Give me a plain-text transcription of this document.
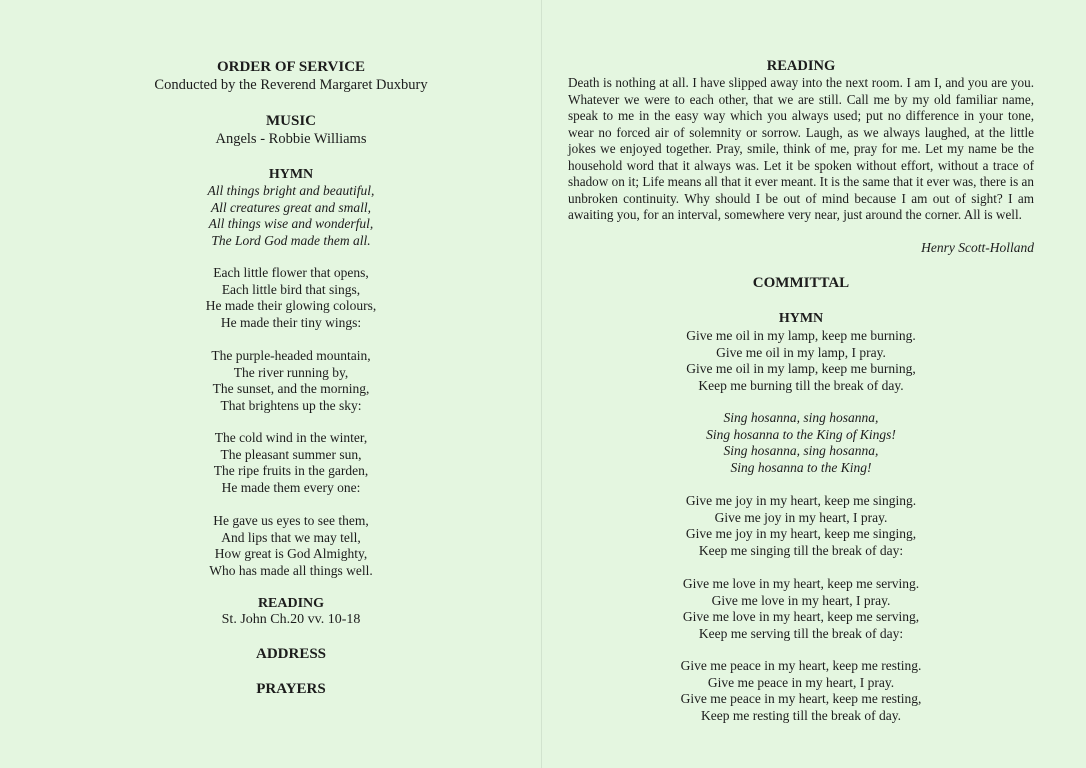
ORDER OF SERVICE
Conducted by the Reverend Margaret Duxbury
MUSIC
Angels - Robbie Williams
HYMN
All things bright and beautiful,
All creatures great and small,
All things wise and wonderful,
The Lord God made them all.
Each little flower that opens,
Each little bird that sings,
He made their glowing colours,
He made their tiny wings:
The purple-headed mountain,
The river running by,
The sunset, and the morning,
That brightens up the sky:
The cold wind in the winter,
The pleasant summer sun,
The ripe fruits in the garden,
He made them every one:
He gave us eyes to see them,
And lips that we may tell,
How great is God Almighty,
Who has made all things well.
READING
St. John Ch.20 vv. 10-18
ADDRESS
PRAYERS
READING

Death is nothing at all. I have slipped away into the next room. I am I, and you are you. Whatever we were to each other, that we are still. Call me by my old familiar name, speak to me in the easy way which you always used; put no difference in your tone, wear no forced air of solemnity or sorrow. Laugh, as we always laughed, at the little jokes we enjoyed together. Pray, smile, think of me, pray for me. Let my name be the household word that it always was. Let it be spoken without effort, without a trace of shadow on it; Life means all that it ever meant. It is the same that it ever was, there is an unbroken continuity. Why should I be out of mind because I am out of sight? I am awaiting you, for an interval, somewhere very near, just around the corner. All is well.

Henry Scott-Holland
COMMITTAL
HYMN
Give me oil in my lamp, keep me burning.
Give me oil in my lamp, I pray.
Give me oil in my lamp, keep me burning,
Keep me burning till the break of day.
Sing hosanna, sing hosanna,
Sing hosanna to the King of Kings!
Sing hosanna, sing hosanna,
Sing hosanna to the King!
Give me joy in my heart, keep me singing.
Give me joy in my heart, I pray.
Give me joy in my heart, keep me singing,
Keep me singing till the break of day:
Give me love in my heart, keep me serving.
Give me love in my heart, I pray.
Give me love in my heart, keep me serving,
Keep me serving till the break of day:
Give me peace in my heart, keep me resting.
Give me peace in my heart, I pray.
Give me peace in my heart, keep me resting,
Keep me resting till the break of day.
